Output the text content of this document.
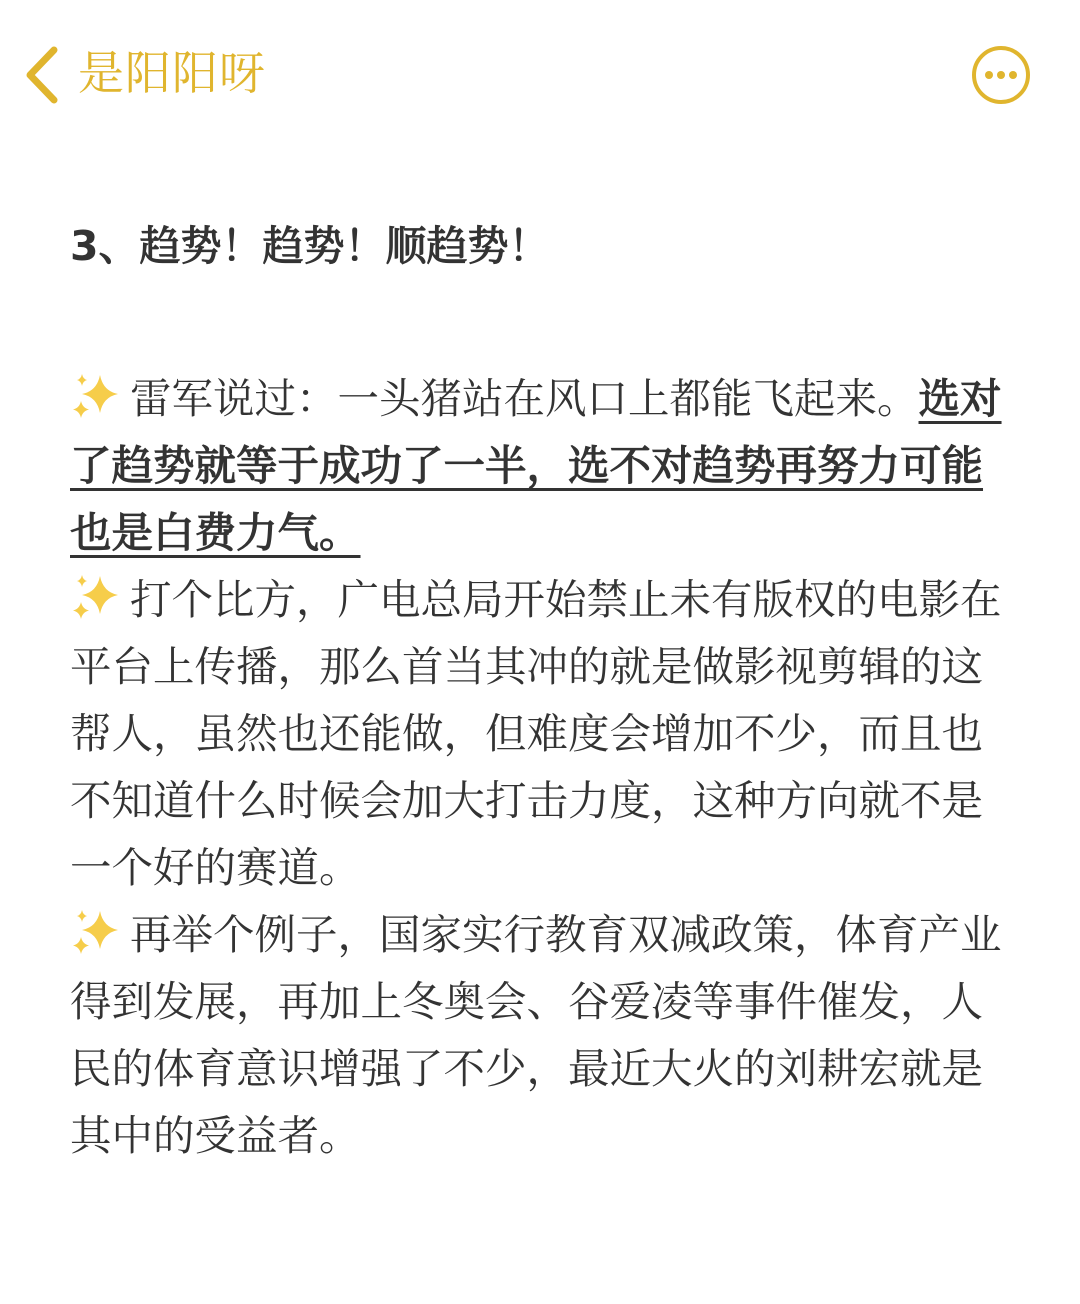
是阳阳呀

3、趋势！趋势！顺趋势！

雷军说过：一头猪站在风口上都能飞起来。选对了趋势就等于成功了一半，选不对趋势再努力可能也是白费力气。

打个比方，广电总局开始禁止未有版权的电影在平台上传播，那么首当其冲的就是做影视剪辑的这帮人，虽然也还能做，但难度会增加不少，而且也不知道什么时候会加大打击力度，这种方向就不是一个好的赛道。

再举个例子，国家实行教育双减政策，体育产业得到发展，再加上冬奥会、谷爱凌等事件催发，人民的体育意识增强了不少，最近大火的刘耕宏就是其中的受益者。
